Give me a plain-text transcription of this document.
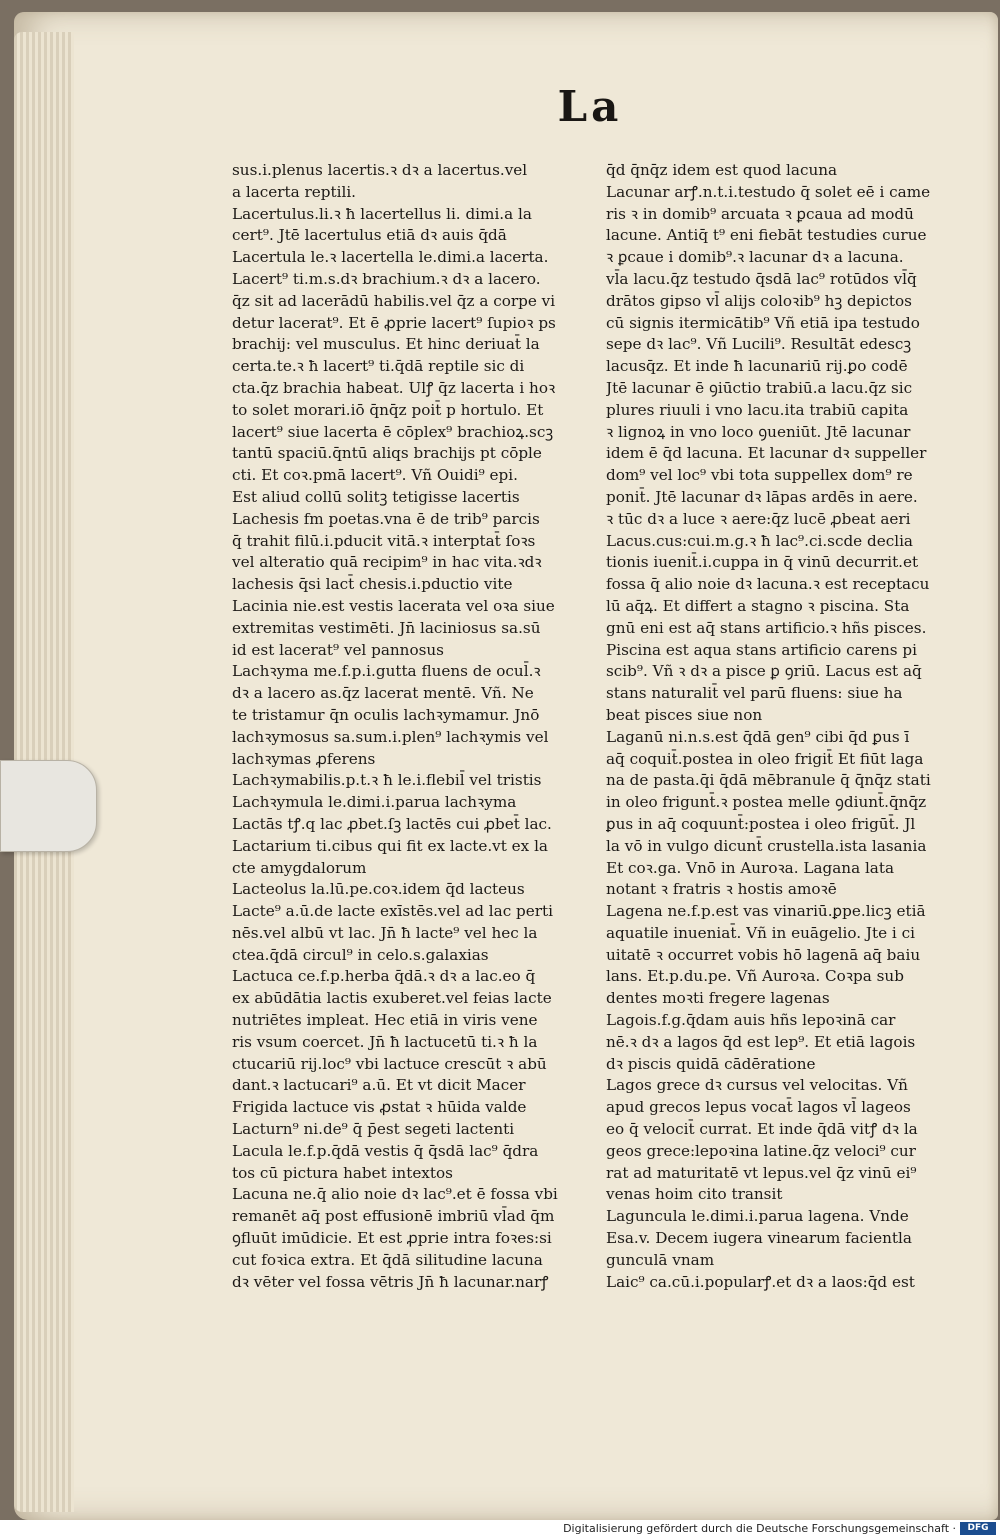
La
sus.i.plenus lacertis.ꝛ dꝛ a lacertus.vel
a lacerta reptili.
Lacertulus.li.ꝛ ħ lacertellus li. dimi.a la
cert⁹. Jtē lacertulus etiā dꝛ auis q̄dā
Lacertula le.ꝛ lacertella le.dimi.a lacerta.
Lacert⁹ ti.m.s.dꝛ brachium.ꝛ dꝛ a lacero.
q̄z sit ad lacerādū habilis.vel q̄z a corpe vi
detur lacerat⁹. Et ē ꝓprie lacert⁹ ſupioꝛ ps
brachij: vel musculus. Et hinc deriuat̄ la
certa.te.ꝛ ħ lacert⁹ ti.q̄dā reptile sic di
cta.q̄z brachia habeat. Ulꝭ q̄z lacerta i hoꝛ
to solet morari.iō q̄nq̄z poit̄ p hortulo. Et
lacert⁹ siue lacerta ē cōplex⁹ brachioꝝ.scꝫ
tantū spaciū.q̄ntū aliqs brachijs pt cōple
cti. Et coꝛ.pmā lacert⁹. Vñ Ouidi⁹ epi.
Est aliud collū solitꝫ tetigisse lacertis
Lachesis fm poetas.vna ē de trib⁹ parcis
q̄ trahit filū.i.pducit vitā.ꝛ interptat̄ ſoꝛs
vel alteratio quā recipim⁹ in hac vita.ꝛdꝛ
lachesis q̄si lact̄ chesis.i.pductio vite
Lacinia nie.est vestis lacerata vel oꝛa siue
extremitas vestimēti. Jn̄ laciniosus sa.sū
id est lacerat⁹ vel pannosus
Lachꝛyma me.f.p.i.gutta fluens de ocul̄.ꝛ
dꝛ a lacero as.q̄z lacerat mentē. Vñ. Ne
te tristamur q̄n oculis lachꝛymamur. Jnō
lachꝛymosus sa.sum.i.plen⁹ lachꝛymis vel
lachꝛymas ꝓferens
Lachꝛymabilis.p.t.ꝛ ħ le.i.flebil̄ vel tristis
Lachꝛymula le.dimi.i.parua lachꝛyma
Lactās tꝭ.q lac ꝓbet.ſꝫ lactēs cui ꝓbet̄ lac.
Lactarium ti.cibus qui fit ex lacte.vt ex la
cte amygdalorum
Lacteolus la.lū.pe.coꝛ.idem q̄d lacteus
Lacte⁹ a.ū.de lacte exīstēs.vel ad lac perti
nēs.vel albū vt lac. Jn̄ ħ lacte⁹ vel hec la
ctea.q̄dā circul⁹ in celo.s.galaxias
Lactuca ce.f.p.herba q̄dā.ꝛ dꝛ a lac.eo q̄
ex abūdātia lactis exuberet.vel feias lacte
nutriētes impleat. Hec etiā in viris vene
ris vsum coercet. Jn̄ ħ lactucetū ti.ꝛ ħ la
ctucariū rij.loc⁹ vbi lactuce crescūt ꝛ abū
dant.ꝛ lactucari⁹ a.ū. Et vt dicit Macer
Frigida lactuce vis ꝓstat ꝛ hūida valde
Lacturn⁹ ni.de⁹ q̄ p̄est segeti lactenti
Lacula le.f.p.q̄dā vestis q̄ q̄sdā lac⁹ q̄dra
tos cū pictura habet intextos
Lacuna ne.q̄ alio noie dꝛ lac⁹.et ē fossa vbi
remanēt aq̄ post effusionē imbriū vl̄ad q̄m
ꝯfluūt imūdicie. Et est ꝓprie intra foꝛes:si
cut foꝛica extra. Et q̄dā silitudine lacuna
dꝛ vēter vel fossa vētris Jn̄ ħ lacunar.narꝭ
q̄d q̄nq̄z idem est quod lacuna
Lacunar arꝭ.n.t.i.testudo q̄ solet eē i came
ris ꝛ in domib⁹ arcuata ꝛ ꝑcaua ad modū
lacune. Antiq̄ t⁹ eni fiebāt testudies curue
ꝛ ꝑcaue i domib⁹.ꝛ lacunar dꝛ a lacuna.
vl̄a lacu.q̄z testudo q̄sdā lac⁹ rotūdos vl̄q̄
drātos gipso vl̄ alijs coloꝛib⁹ hꝫ depictos
cū signis itermicātib⁹ Vñ etiā ipa testudo
sepe dꝛ lac⁹. Vñ Lucili⁹. Resultāt edescꝫ
lacusq̄z. Et inde ħ lacunariū rij.ꝑo codē
Jtē lacunar ē ꝯiūctio trabiū.a lacu.q̄z sic
plures riuuli i vno lacu.ita trabiū capita
ꝛ lignoꝝ in vno loco ꝯueniūt. Jtē lacunar
idem ē q̄d lacuna. Et lacunar dꝛ suppeller
dom⁹ vel loc⁹ vbi tota suppellex dom⁹ re
ponit̄. Jtē lacunar dꝛ lāpas ardēs in aere.
ꝛ tūc dꝛ a luce ꝛ aere:q̄z lucē ꝓbeat aeri
Lacus.cus:cui.m.g.ꝛ ħ lac⁹.ci.scde declia
tionis iuenit̄.i.cuppa in q̄ vinū decurrit.et
fossa q̄ alio noie dꝛ lacuna.ꝛ est receptacu
lū aq̄ꝝ. Et differt a stagno ꝛ piscina. Sta
gnū eni est aq̄ stans artificio.ꝛ hñs pisces.
Piscina est aqua stans artificio carens pi
scib⁹. Vñ ꝛ dꝛ a pisce ꝑ ꝯriū. Lacus est aq̄
stans naturalit̄ vel parū fluens: siue ha
beat pisces siue non
Laganū ni.n.s.est q̄dā gen⁹ cibi q̄d ꝑus ī
aq̄ coquit̄.postea in oleo frigit̄ Et fiūt laga
na de pasta.q̄i q̄dā mēbranule q̄ q̄nq̄z stati
in oleo frigunt̄.ꝛ postea melle ꝯdiunt̄.q̄nq̄z
ꝑus in aq̄ coquunt̄:postea i oleo frigūt̄. Jl
la vō in vulgo dicunt̄ crustella.ista lasania
Et coꝛ.ga. Vnō in Auroꝛa. Lagana lata
notant ꝛ fratris ꝛ hostis amoꝛē
Lagena ne.f.p.est vas vinariū.ꝑpe.licꝫ etiā
aquatile inueniat̄. Vñ in euāgelio. Jte i ci
uitatē ꝛ occurret vobis hō lagenā aq̄ baiu
lans. Et.p.du.pe. Vñ Auroꝛa. Coꝛpa sub
dentes moꝛti fregere lagenas
Lagois.f.g.q̄dam auis hñs lepoꝛinā car
nē.ꝛ dꝛ a lagos q̄d est lep⁹. Et etiā lagois
dꝛ piscis quidā cādēratione
Lagos grece dꝛ cursus vel velocitas. Vñ
apud grecos lepus vocat̄ lagos vl̄ lageos
eo q̄ velocit̄ currat. Et inde q̄dā vitꝭ dꝛ la
geos grece:lepoꝛina latine.q̄z veloci⁹ cur
rat ad maturitatē vt lepus.vel q̄z vinū ei⁹
venas hoim cito transit
Laguncula le.dimi.i.parua lagena. Vnde
Esa.v. Decem iugera vinearum facientla
gunculā vnam
Laic⁹ ca.cū.i.popularꝭ.et dꝛ a laos:q̄d est
Digitalisierung gefördert durch die Deutsche Forschungsgemeinschaft ·	DFG
